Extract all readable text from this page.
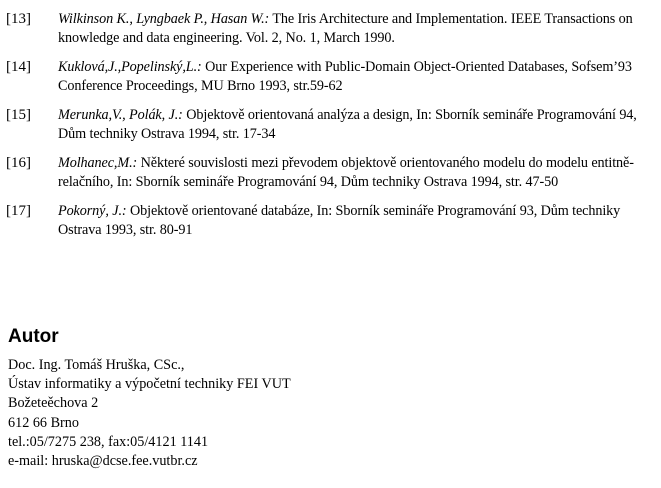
[13] Wilkinson K., Lyngbaek P., Hasan W.: The Iris Architecture and Implementation. IEEE Transactions on knowledge and data engineering. Vol. 2, No. 1, March 1990.
[14] Kuklová,J.,Popelinský,L.: Our Experience with Public-Domain Object-Oriented Databases, Sofsem’93 Conference Proceedings, MU Brno 1993, str.59-62
[15] Merunka,V., Polák, J.: Objektově orientovaná analýza a design, In: Sborník semináře Programování 94, Dům techniky Ostrava 1994, str. 17-34
[16] Molhanec,M.: Některé souvislosti mezi převodem objektově orientovaného modelu do modelu entitně-relačního, In: Sborník semináře Programování 94, Dům techniky Ostrava 1994, str. 47-50
[17] Pokorný, J.: Objektově orientované databáze, In: Sborník semináře Programování 93, Dům techniky Ostrava 1993, str. 80-91
Autor
Doc. Ing. Tomáš Hruška, CSc.,
Ústav informatiky a výpočetní techniky FEI VUT
Božeteěchova 2
612 66 Brno
tel.:05/7275 238, fax:05/4121 1141
e-mail: hruska@dcse.fee.vutbr.cz
